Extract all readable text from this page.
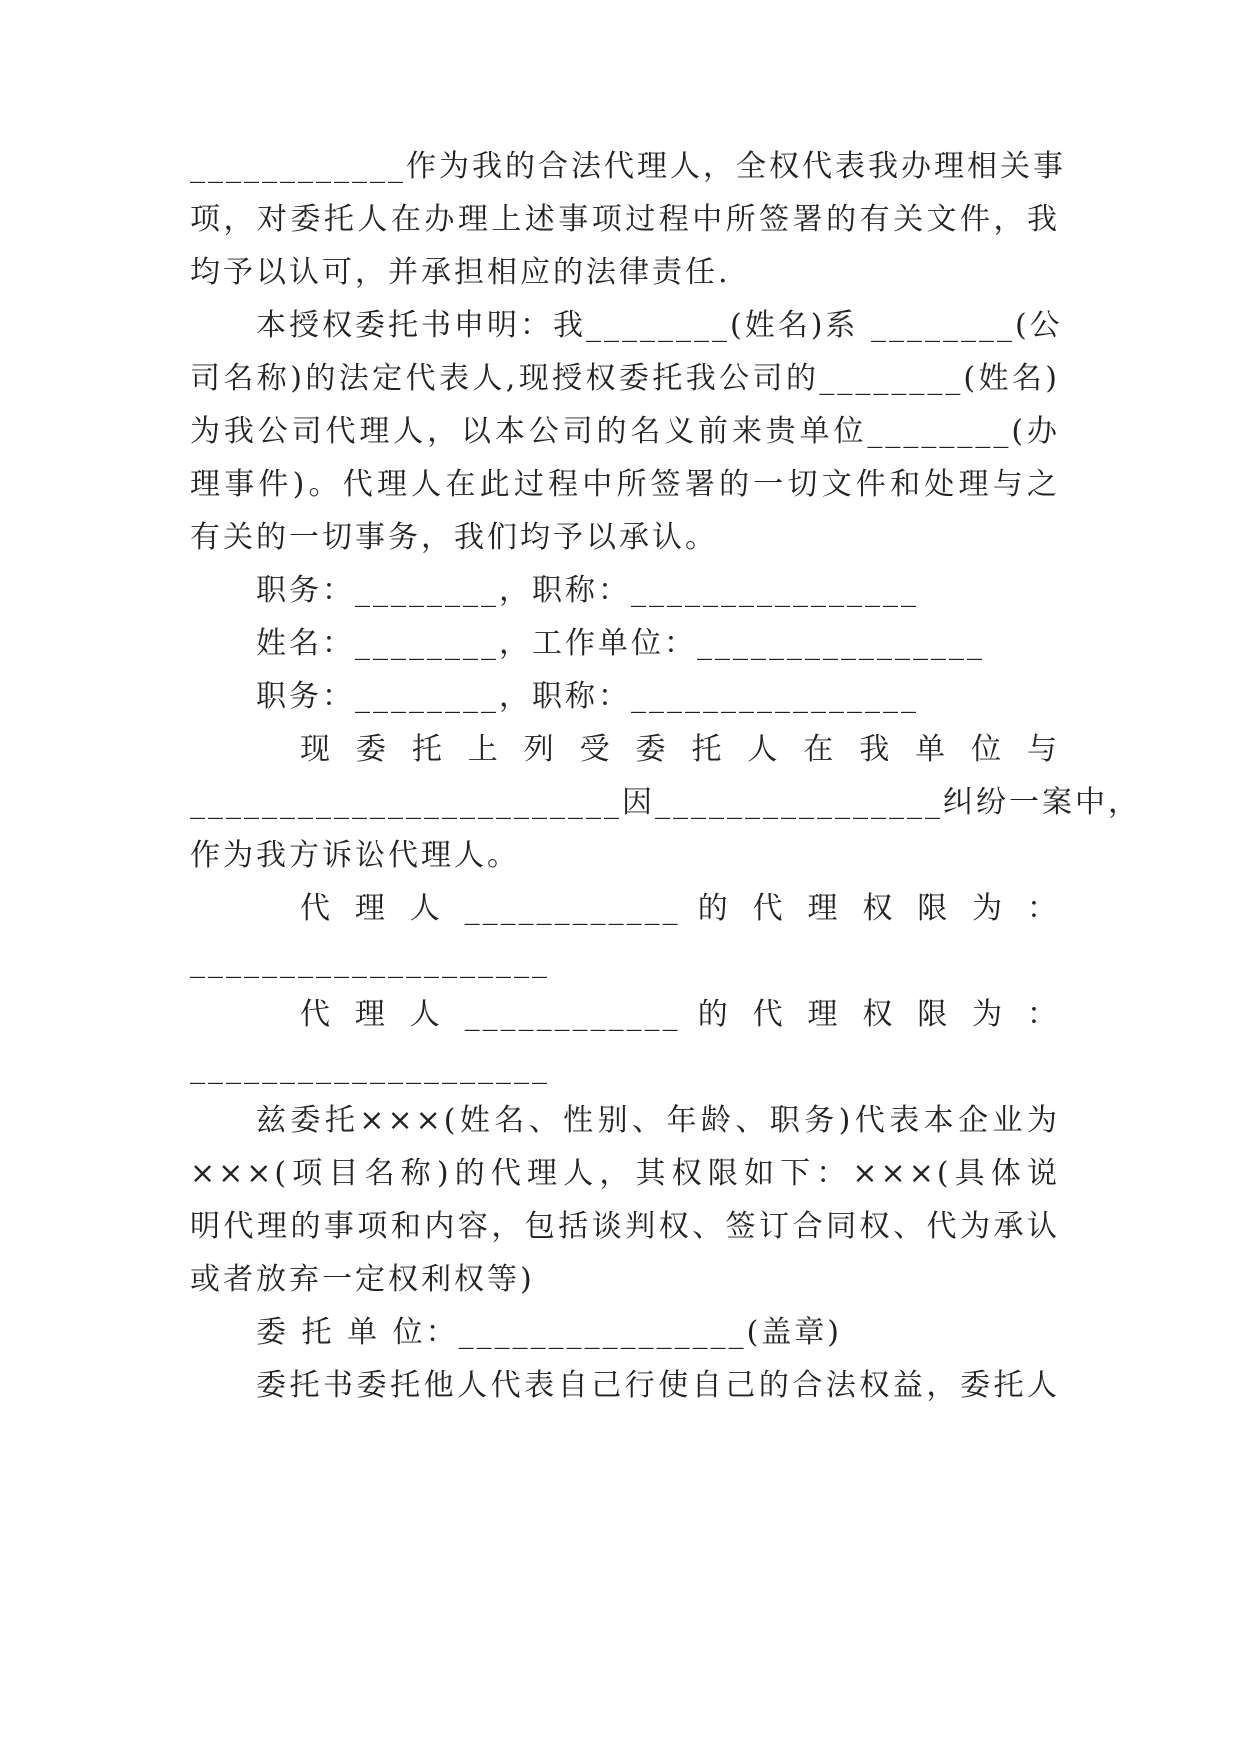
____________作为我的合法代理人，全权代表我办理相关事
项，对委托人在办理上述事项过程中所签署的有关文件，我
均予以认可，并承担相应的法律责任.
本授权委托书申明：我________(姓名)系 ________(公
司名称)的法定代表人,现授权委托我公司的________(姓名)
为我公司代理人，以本公司的名义前来贵单位________(办
理事件)。代理人在此过程中所签署的一切文件和处理与之
有关的一切事务，我们均予以承认。
职务：________，职称：________________
姓名：________，工作单位：________________
职务：________，职称：________________
现 委 托 上 列 受 委 托 人 在 我 单 位 与
________________________因________________纠纷一案中，
作为我方诉讼代理人。
代 理 人 ____________ 的 代 理 权 限 为 ：
____________________
代 理 人 ____________ 的 代 理 权 限 为 ：
____________________
兹委托×××(姓名、性别、年龄、职务)代表本企业为
×××(项目名称)的代理人，其权限如下：×××(具体说
明代理的事项和内容，包括谈判权、签订合同权、代为承认
或者放弃一定权利权等)
委 托 单 位：________________(盖章)
委托书委托他人代表自己行使自己的合法权益，委托人
